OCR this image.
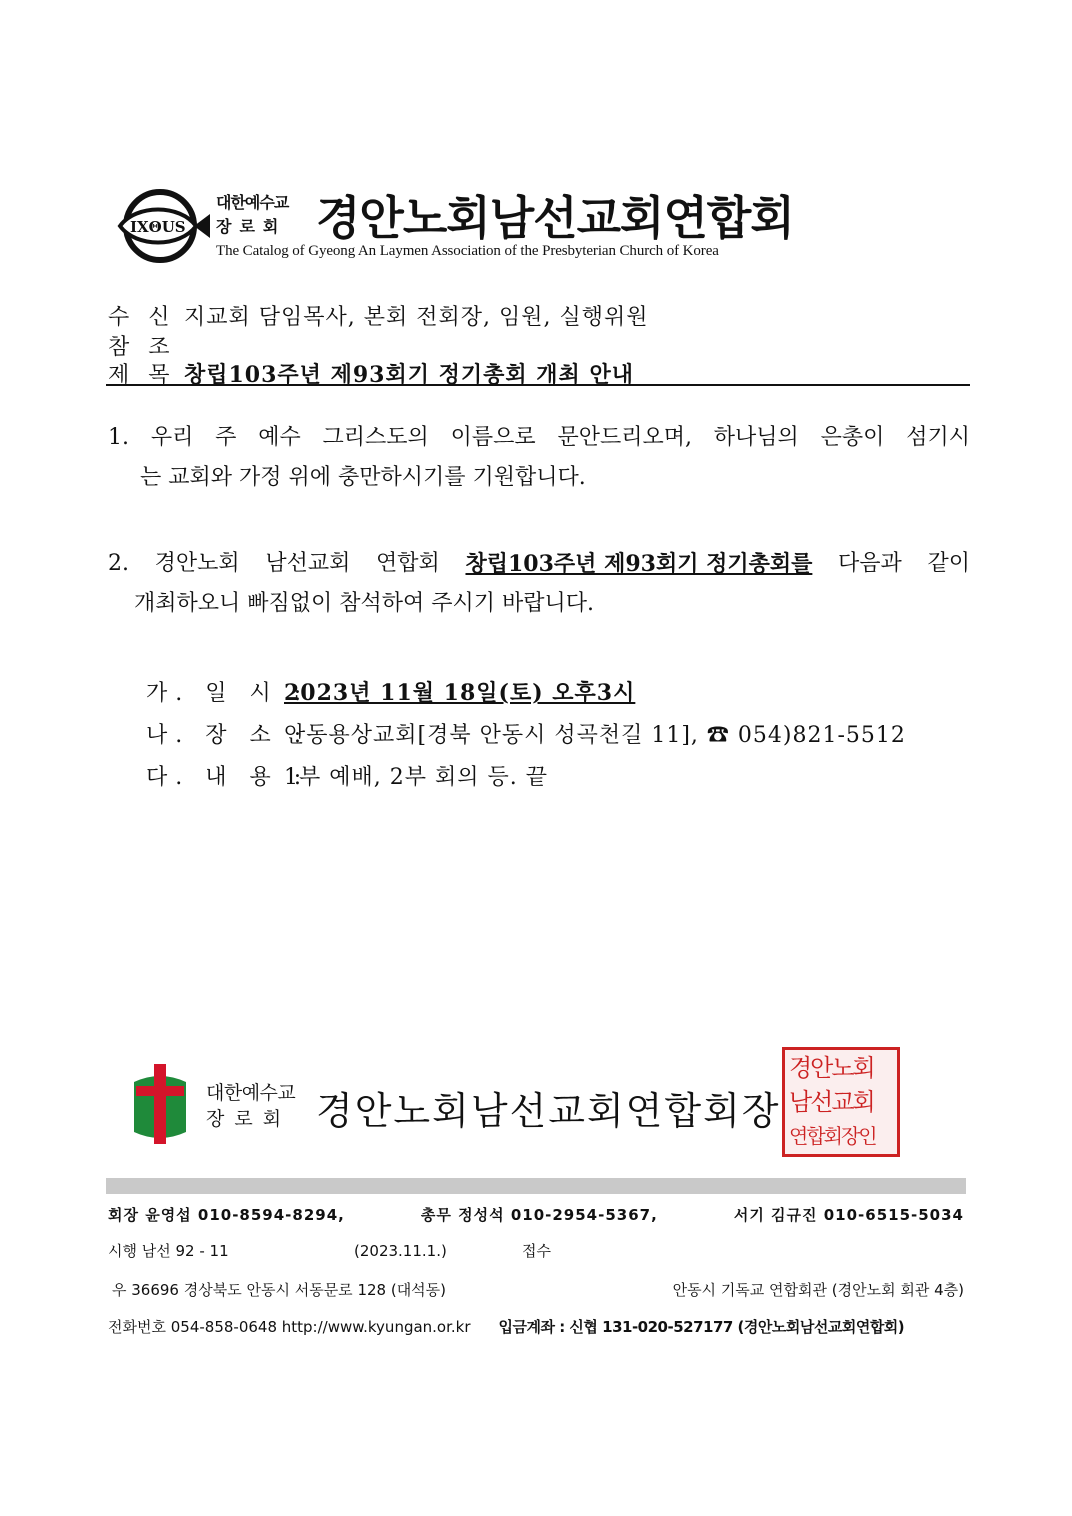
IXΘUS
대한예수교
장로회 경안노회남선교회연합회
The Catalog of Gyeong An Laymen Association of the Presbyterian Church of Korea
수 신 지교회 담임목사, 본회 전회장, 임원, 실행위원
참 조
제 목 창립103주년 제93회기 정기총회 개최 안내
1. 우리 주 예수 그리스도의 이름으로 문안드리오며, 하나님의 은총이 섬기시
는 교회와 가정 위에 충만하시기를 기원합니다.
2. 경안노회 남선교회 연합회 창립103주년 제93회기 정기총회를 다음과 같이
개최하오니 빠짐없이 참석하여 주시기 바랍니다.
가. 일 시 :2023년 11월 18일(토) 오후3시
나. 장 소 :안동용상교회[경북 안동시 성곡천길 11], ☎ 054)821-5512
다. 내 용 :1부 예배, 2부 회의 등. 끝
대한예수교
장로회 경안노회남선교회연합회장
경안노회
남선교회
연합회장인
회장 윤영섭 010-8594-8294,	총무 정성석 010-2954-5367,	서기 김규진 010-6515-5034
시행 남선 92 - 11	(2023.11.1.)	접수
우 36696 경상북도 안동시 서동문로 128 (대석동)	안동시 기독교 연합회관 (경안노회 회관 4층)
전화번호 054-858-0648 http://www.kyungan.or.kr 입금계좌 : 신협 131-020-527177 (경안노회남선교회연합회)
